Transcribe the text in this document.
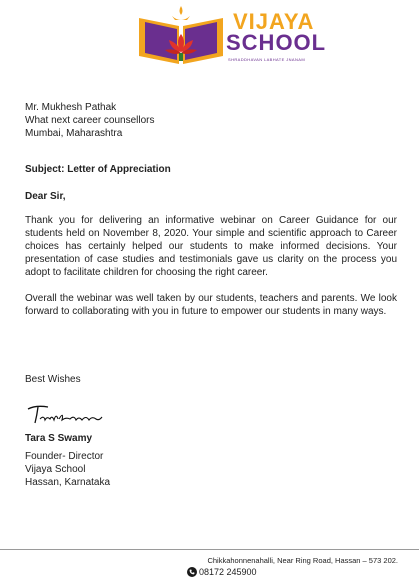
VIJAYA
SCHOOL
SHRADDHAVAN LABHATE JNANAM
Mr. Mukhesh Pathak
What next career counsellors
Mumbai, Maharashtra
Subject: Letter of Appreciation
Dear Sir,
Thank you for delivering an informative webinar on Career Guidance for our students held on November 8, 2020. Your simple and scientific approach to Career choices has certainly helped our students to make informed decisions. Your presentation of case studies and testimonials gave us clarity on the process you adopt to facilitate children for choosing the right career.
Overall the webinar was well taken by our students, teachers and parents. We look forward to collaborating with you in future to empower our students in many ways.
Best Wishes
Tara S Swamy
Founder- Director
Vijaya School
Hassan, Karnataka
Chikkahonnenahalli, Near Ring Road, Hassan – 573 202.
08172 245900
